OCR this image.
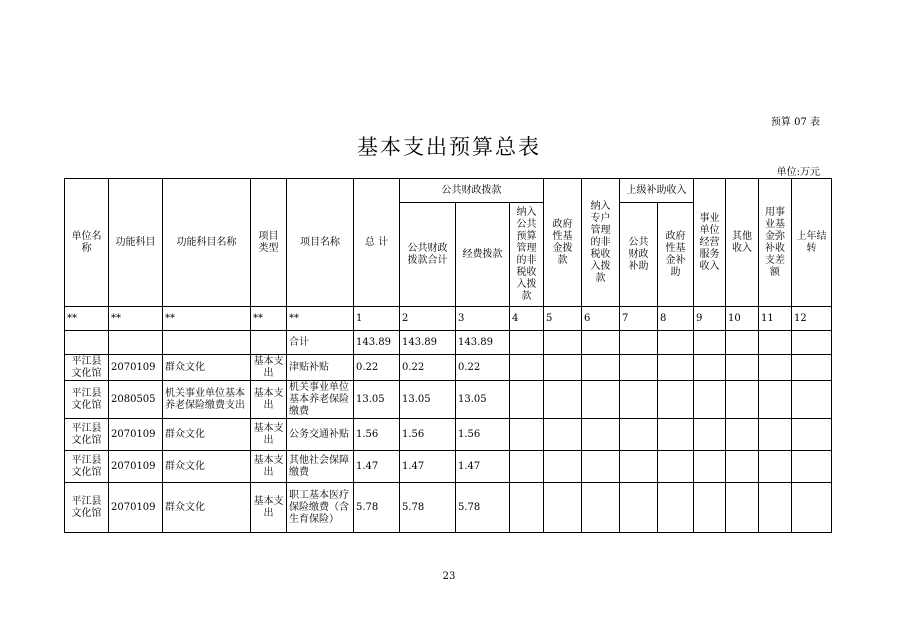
预算 07 表
基本支出预算总表
单位:万元
单位名称	功能科目	功能科目名称	项目类型	项目名称	总 计	公共财政拨款			政府性基金拨款	纳入专户管理的非税收入拨款	上级补助收入		事业单位经营服务收入	其他收入	用事业基金弥补收支差额	上年结转
						公共财政拨款合计	经费拨款	纳入公共预算管理的非税收入拨款			公共财政补助	政府性基金补助				
**	**	**	**	**	1	2	3	4	5	6	7	8	9	10	11	12
				合计	143.89	143.89	143.89									
平江县文化馆	2070109	群众文化	基本支出	津贴补贴	0.22	0.22	0.22									
平江县文化馆	2080505	机关事业单位基本养老保险缴费支出	基本支出	机关事业单位基本养老保险缴费	13.05	13.05	13.05									
平江县文化馆	2070109	群众文化	基本支出	公务交通补贴	1.56	1.56	1.56									
平江县文化馆	2070109	群众文化	基本支出	其他社会保障缴费	1.47	1.47	1.47									
平江县文化馆	2070109	群众文化	基本支出	职工基本医疗保险缴费（含生育保险）	5.78	5.78	5.78									
23
